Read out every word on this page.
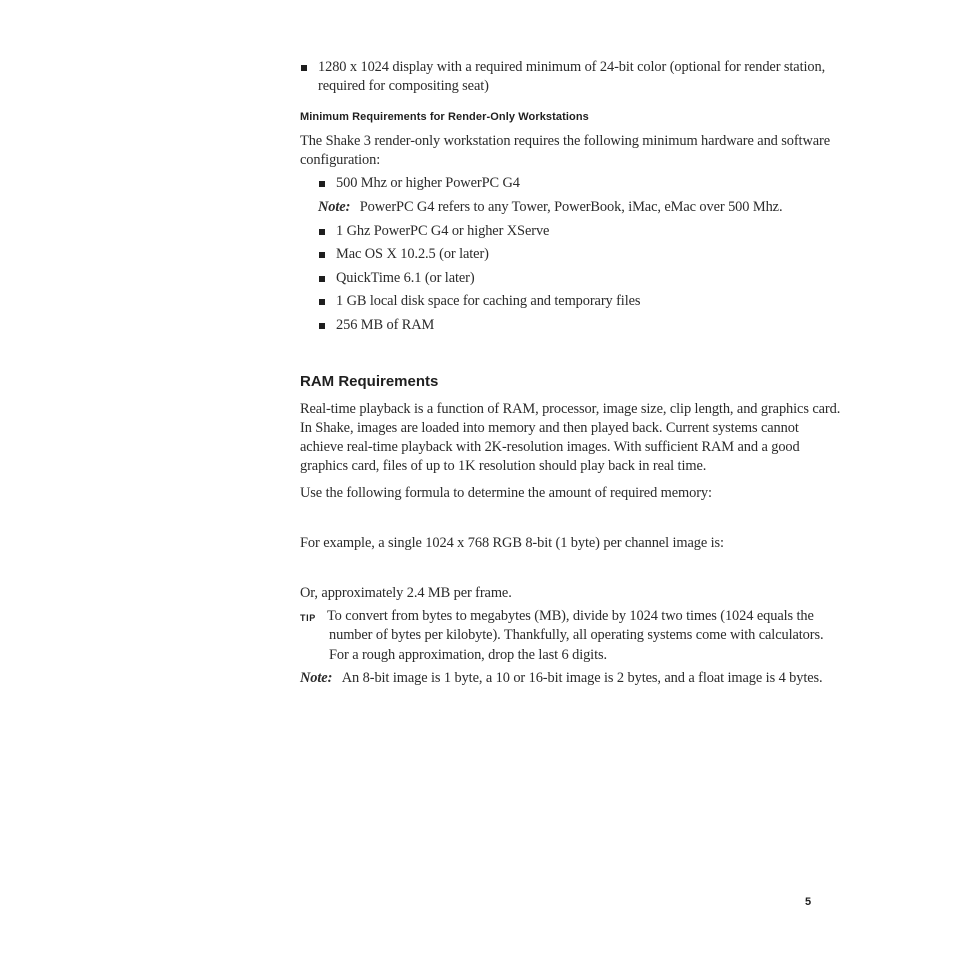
1280 x 1024 display with a required minimum of 24-bit color (optional for render station,
required for compositing seat)
Minimum Requirements for Render-Only Workstations
The Shake 3 render-only workstation requires the following minimum hardware and software
configuration:
500 Mhz or higher PowerPC G4
Note: PowerPC G4 refers to any Tower, PowerBook, iMac, eMac over 500 Mhz.
1 Ghz PowerPC G4 or higher XServe
Mac OS X 10.2.5 (or later)
QuickTime 6.1 (or later)
1 GB local disk space for caching and temporary files
256 MB of RAM
RAM Requirements
Real-time playback is a function of RAM, processor, image size, clip length, and graphics card.
In Shake, images are loaded into memory and then played back. Current systems cannot
achieve real-time playback with 2K-resolution images. With sufficient RAM and a good
graphics card, files of up to 1K resolution should play back in real time.
Use the following formula to determine the amount of required memory:
For example, a single 1024 x 768 RGB 8-bit (1 byte) per channel image is:
Or, approximately 2.4 MB per frame.
TIP To convert from bytes to megabytes (MB), divide by 1024 two times (1024 equals the
number of bytes per kilobyte). Thankfully, all operating systems come with calculators.
For a rough approximation, drop the last 6 digits.
Note: An 8-bit image is 1 byte, a 10 or 16-bit image is 2 bytes, and a float image is 4 bytes.
5
